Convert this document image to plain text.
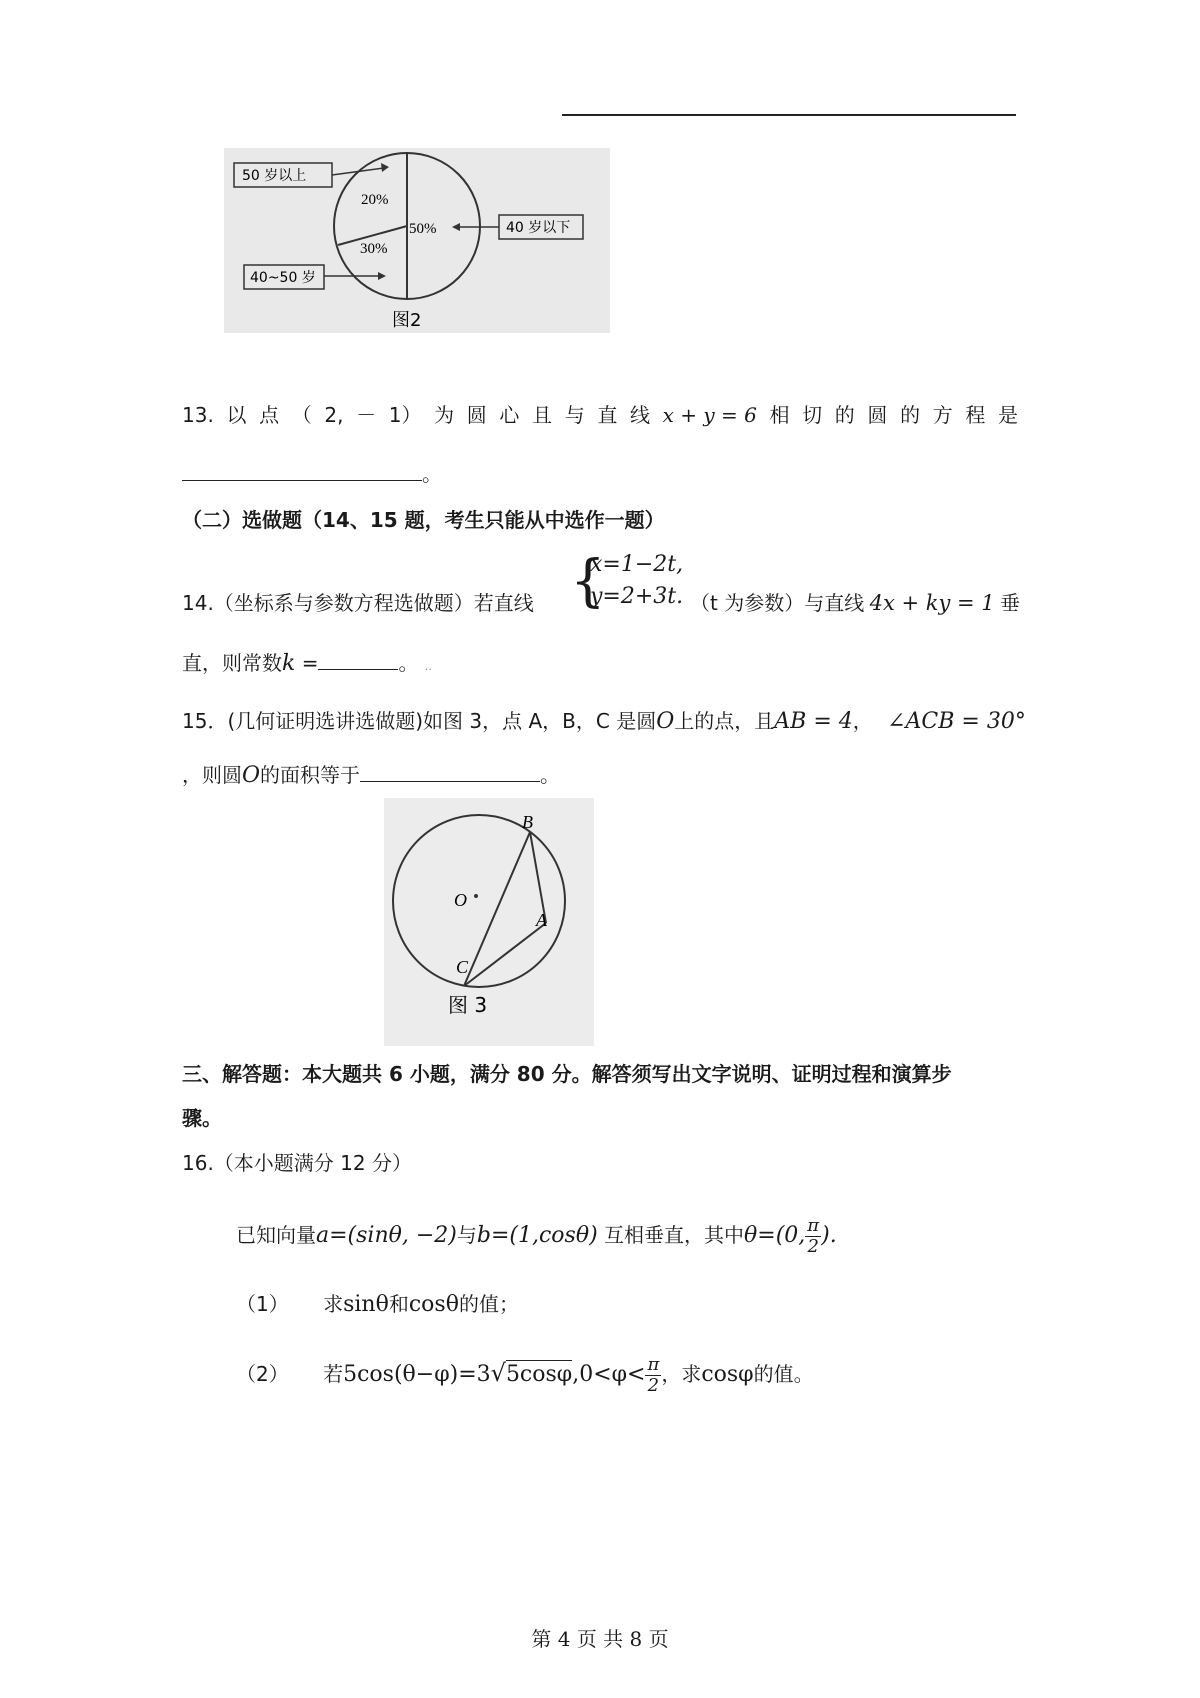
50%
20%
30%
50 岁以上
40 岁以下
40~50 岁
图2
13. 以 点 （ 2, － 1） 为 圆 心 且 与 直 线 x + y = 6 相 切 的 圆 的 方 程 是
。
（二）选做题（14、15 题，考生只能从中选作一题）
{
x=1−2t,
y=2+3t.
14.（坐标系与参数方程选做题）若直线	（t 为参数）与直线 4x + ky = 1 垂
直，则常数k =	。 ..
15．(几何证明选讲选做题)如图 3，点 A，B，C 是圆O上的点，且AB = 4， ∠ACB = 30°
，则圆O的面积等于	。
O
B
A
C
图 3
三、解答题：本大题共 6 小题，满分 80 分。解答须写出文字说明、证明过程和演算步
骤。
16.（本小题满分 12 分）
已知向量a=(sinθ, −2)与b=(1,cosθ) 互相垂直，其中θ=(0, $\frac{\pi}{2}$ ).
（1） 求sinθ和cosθ的值；
（2） 若$5\cos(\theta-\varphi)=3√5\cos\varphi,0<\varphi< \frac{\pi}{2}$ ，求cosφ的值。
第 4 页 共 8 页
